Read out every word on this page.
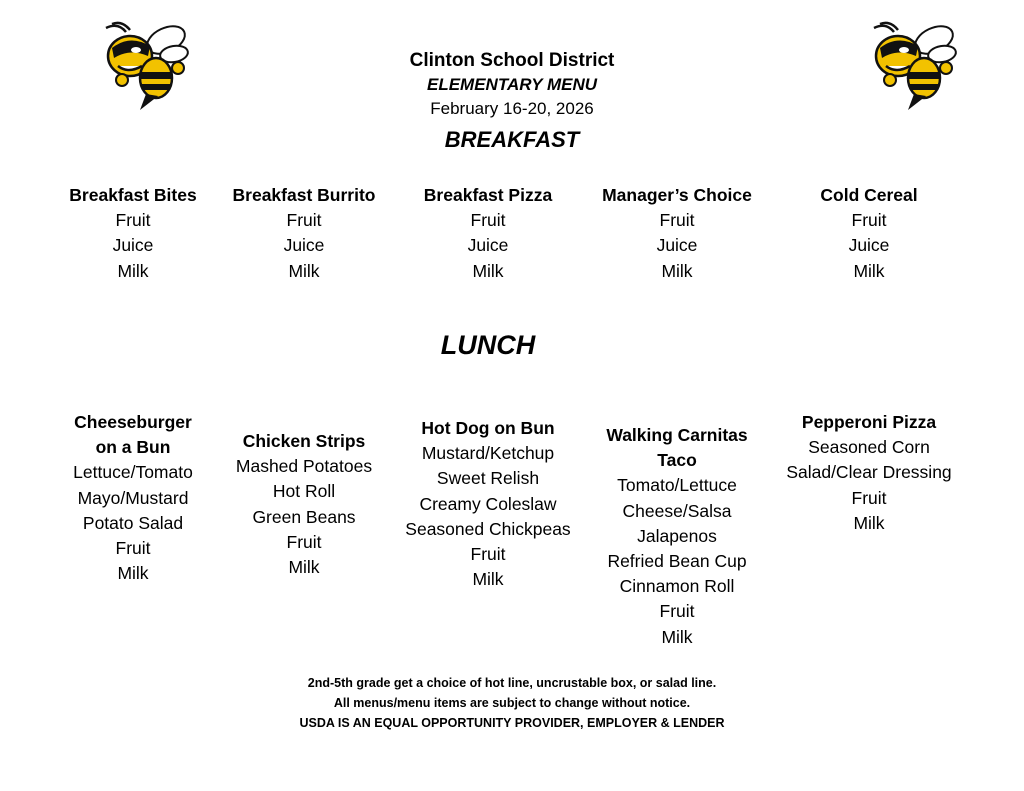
Clinton School District
ELEMENTARY MENU
February 16-20, 2026
BREAKFAST
Breakfast Bites
Fruit
Juice
Milk
Breakfast Burrito
Fruit
Juice
Milk
Breakfast Pizza
Fruit
Juice
Milk
Manager’s Choice
Fruit
Juice
Milk
Cold Cereal
Fruit
Juice
Milk
LUNCH
Cheeseburger
on a Bun
Lettuce/Tomato
Mayo/Mustard
Potato Salad
Fruit
Milk
Chicken Strips
Mashed Potatoes
Hot Roll
Green Beans
Fruit
Milk
Hot Dog on Bun
Mustard/Ketchup
Sweet Relish
Creamy Coleslaw
Seasoned Chickpeas
Fruit
Milk
Walking Carnitas
Taco
Tomato/Lettuce
Cheese/Salsa
Jalapenos
Refried Bean Cup
Cinnamon Roll
Fruit
Milk
Pepperoni Pizza
Seasoned Corn
Salad/Clear Dressing
Fruit
Milk
2nd-5th grade get a choice of hot line, uncrustable box, or salad line.
All menus/menu items are subject to change without notice.
USDA IS AN EQUAL OPPORTUNITY PROVIDER, EMPLOYER & LENDER
